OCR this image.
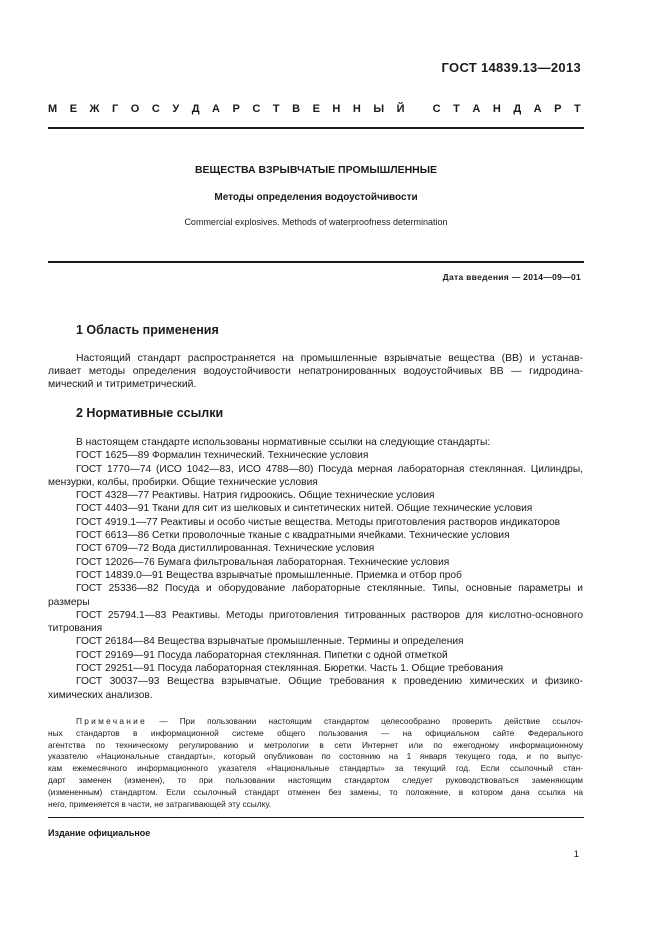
ГОСТ 14839.13—2013
М Е Ж Г О С У Д А Р С Т В Е Н Н Ы Й
	С Т А Н Д А Р Т
ВЕЩЕСТВА ВЗРЫВЧАТЫЕ ПРОМЫШЛЕННЫЕ
Методы определения водоустойчивости
Commercial explosives. Methods of waterproofness determination
Дата введения — 2014—09—01
1 Область применения
Настоящий стандарт распространяется на промышленные взрывчатые вещества (ВВ) и устанав-
ливает методы определения водоустойчивости непатронированных водоустойчивых ВВ — гидродина-
мический и титриметрический.
2 Нормативные ссылки
В настоящем стандарте использованы нормативные ссылки на следующие стандарты:
ГОСТ 1625—89 Формалин технический. Технические условия
ГОСТ 1770—74 (ИСО 1042—83, ИСО 4788—80) Посуда мерная лабораторная стеклянная. Цилиндры, мензурки, колбы, пробирки. Общие технические условия
ГОСТ 4328—77 Реактивы. Натрия гидроокись. Общие технические условия
ГОСТ 4403—91 Ткани для сит из шелковых и синтетических нитей. Общие технические условия
ГОСТ 4919.1—77 Реактивы и особо чистые вещества. Методы приготовления растворов индикаторов
ГОСТ 6613—86 Сетки проволочные тканые с квадратными ячейками. Технические условия
ГОСТ 6709—72 Вода дистиллированная. Технические условия
ГОСТ 12026—76 Бумага фильтровальная лабораторная. Технические условия
ГОСТ 14839.0—91 Вещества взрывчатые промышленные. Приемка и отбор проб
ГОСТ 25336—82 Посуда и оборудование лабораторные стеклянные. Типы, основные параметры и размеры
ГОСТ 25794.1—83 Реактивы. Методы приготовления титрованных растворов для кислотно-основного титрования
ГОСТ 26184—84 Вещества взрывчатые промышленные. Термины и определения
ГОСТ 29169—91 Посуда лабораторная стеклянная. Пипетки с одной отметкой
ГОСТ 29251—91 Посуда лабораторная стеклянная. Бюретки. Часть 1. Общие требования
ГОСТ 30037—93 Вещества взрывчатые. Общие требования к проведению химических и физико-химических анализов.
Примечание — При пользовании настоящим стандартом целесообразно проверить действие ссылоч-
ных стандартов в информационной системе общего пользования — на официальном сайте Федерального
агентства по техническому регулированию и метрологии в сети Интернет или по ежегодному информационному
указателю «Национальные стандарты», который опубликован по состоянию на 1 января текущего года, и по выпус-
кам ежемесячного информационного указателя «Национальные стандарты» за текущий год. Если ссылочный стан-
дарт заменен (изменен), то при пользовании настоящим стандартом следует руководствоваться заменяющим
(измененным) стандартом. Если ссылочный стандарт отменен без замены, то положение, в котором дана ссылка на
него, применяется в части, не затрагивающей эту ссылку.
Издание официальное
1
